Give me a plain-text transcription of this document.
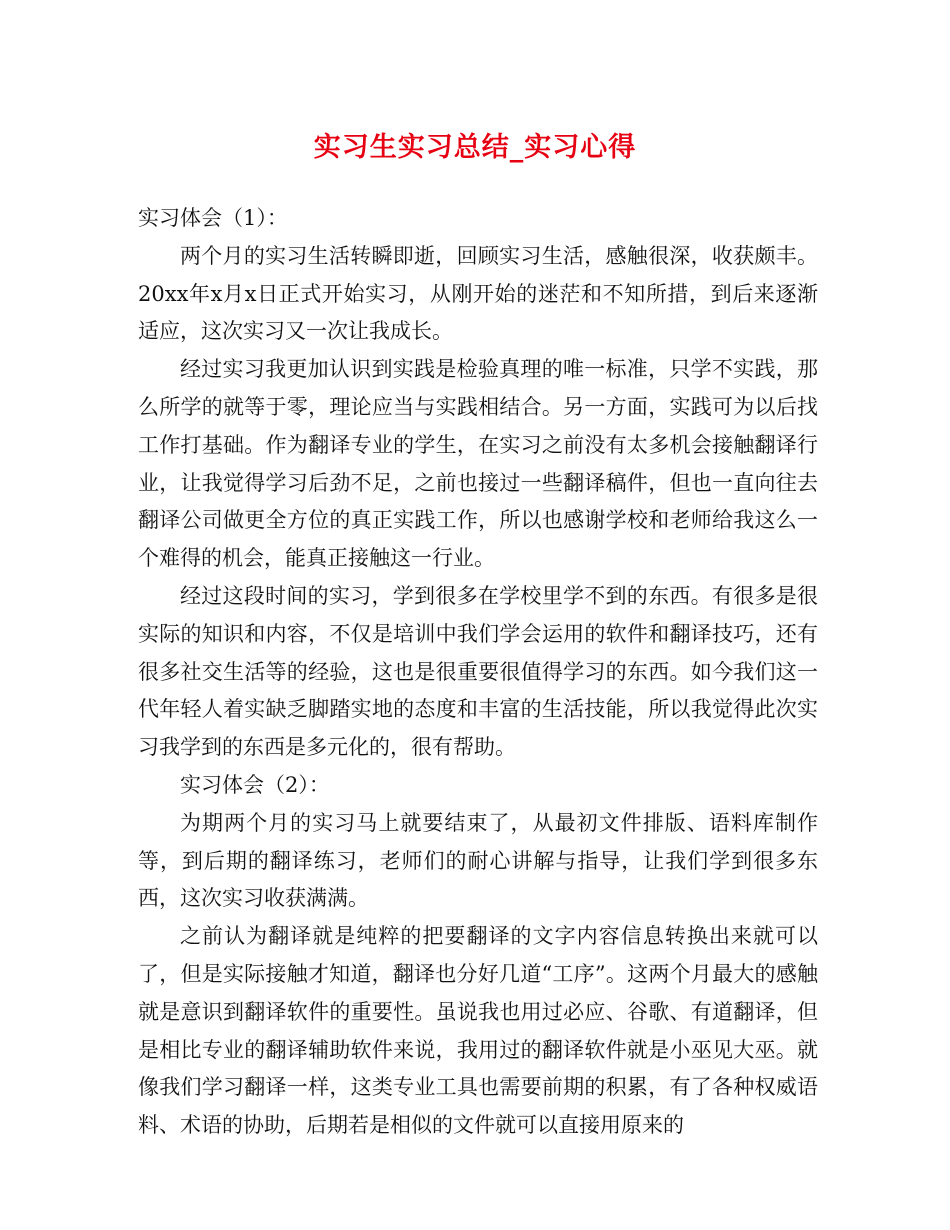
实习生实习总结_实习心得

实习体会（1）：

两个月的实习生活转瞬即逝，回顾实习生活，感触很深，收获颇丰。20xx年x月x日正式开始实习，从刚开始的迷茫和不知所措，到后来逐渐适应，这次实习又一次让我成长。

经过实习我更加认识到实践是检验真理的唯一标准，只学不实践，那么所学的就等于零，理论应当与实践相结合。另一方面，实践可为以后找工作打基础。作为翻译专业的学生，在实习之前没有太多机会接触翻译行业，让我觉得学习后劲不足，之前也接过一些翻译稿件，但也一直向往去翻译公司做更全方位的真正实践工作，所以也感谢学校和老师给我这么一个难得的机会，能真正接触这一行业。

经过这段时间的实习，学到很多在学校里学不到的东西。有很多是很实际的知识和内容，不仅是培训中我们学会运用的软件和翻译技巧，还有很多社交生活等的经验，这也是很重要很值得学习的东西。如今我们这一代年轻人着实缺乏脚踏实地的态度和丰富的生活技能，所以我觉得此次实习我学到的东西是多元化的，很有帮助。

实习体会（2）：

为期两个月的实习马上就要结束了，从最初文件排版、语料库制作等，到后期的翻译练习，老师们的耐心讲解与指导，让我们学到很多东西，这次实习收获满满。

之前认为翻译就是纯粹的把要翻译的文字内容信息转换出来就可以了，但是实际接触才知道，翻译也分好几道“工序”。这两个月最大的感触就是意识到翻译软件的重要性。虽说我也用过必应、谷歌、有道翻译，但是相比专业的翻译辅助软件来说，我用过的翻译软件就是小巫见大巫。就像我们学习翻译一样，这类专业工具也需要前期的积累，有了各种权威语料、术语的协助，后期若是相似的文件就可以直接用原来的
